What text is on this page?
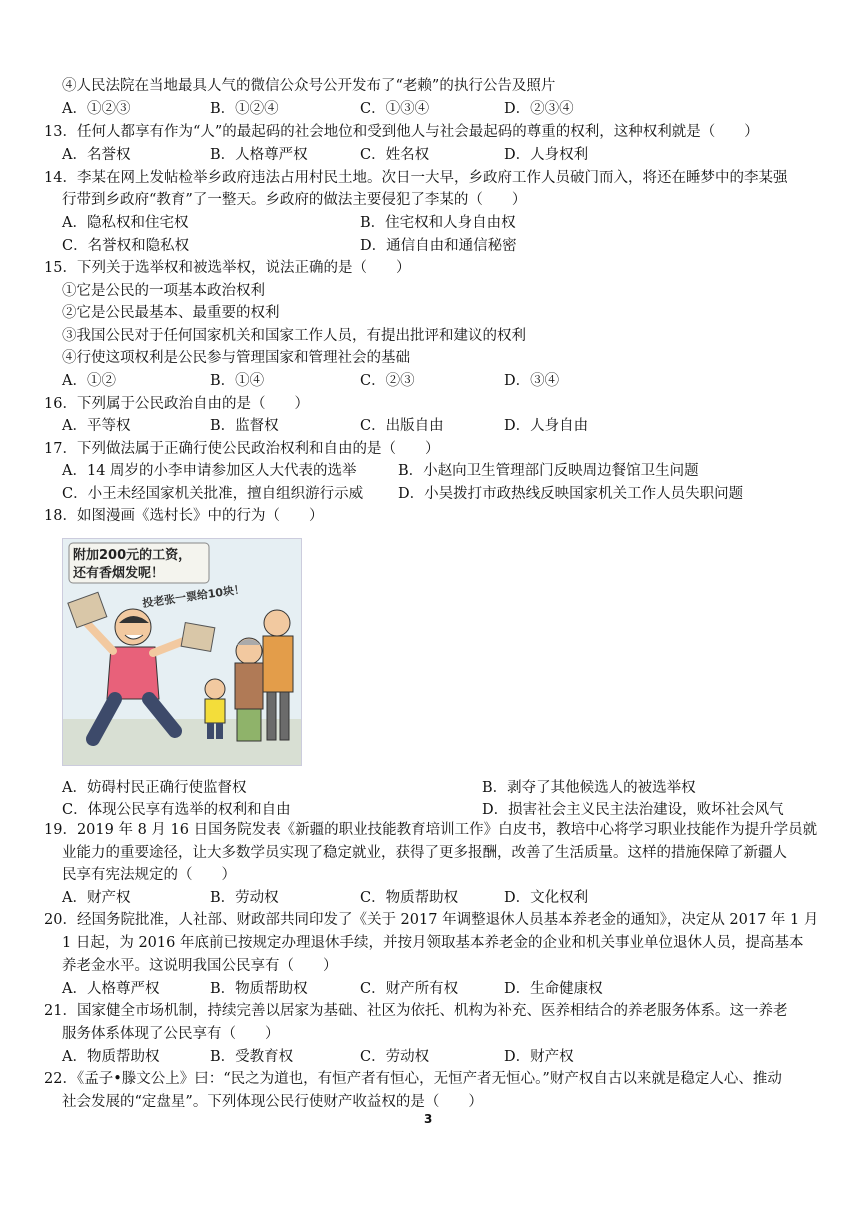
④人民法院在当地最具人气的微信公众号公开发布了“老赖”的执行公告及照片
13．任何人都享有作为“人”的最起码的社会地位和受到他人与社会最起码的尊重的权利，这种权利就是（　　）
14．李某在网上发帖检举乡政府违法占用村民土地。次日一大早，乡政府工作人员破门而入，将还在睡梦中的李某强
行带到乡政府“教育”了一整天。乡政府的做法主要侵犯了李某的（　　）
15．下列关于选举权和被选举权，说法正确的是（　　）
①它是公民的一项基本政治权利
②它是公民最基本、最重要的权利
③我国公民对于任何国家机关和国家工作人员，有提出批评和建议的权利
④行使这项权利是公民参与管理国家和管理社会的基础
16．下列属于公民政治自由的是（　　）
17．下列做法属于正确行使公民政治权利和自由的是（　　）
18．如图漫画《选村长》中的行为（　　）
19．2019 年 8 月 16 日国务院发表《新疆的职业技能教育培训工作》白皮书，教培中心将学习职业技能作为提升学员就
业能力的重要途径，让大多数学员实现了稳定就业，获得了更多报酬，改善了生活质量。这样的措施保障了新疆人
民享有宪法规定的（　　）
20．经国务院批准，人社部、财政部共同印发了《关于 2017 年调整退休人员基本养老金的通知》，决定从 2017 年 1 月
1 日起，为 2016 年底前已按规定办理退休手续，并按月领取基本养老金的企业和机关事业单位退休人员，提高基本
养老金水平。这说明我国公民享有（　　）
21．国家健全市场机制，持续完善以居家为基础、社区为依托、机构为补充、医养相结合的养老服务体系。这一养老
服务体系体现了公民享有（　　）
22．《孟子•滕文公上》曰：“民之为道也，有恒产者有恒心，无恒产者无恒心。”财产权自古以来就是稳定人心、推动
社会发展的“定盘星”。下列体现公民行使财产收益权的是（　　）
A．①②③	B．①②④	C．①③④	D．②③④
A．名誉权	B．人格尊严权	C．姓名权	D．人身权利
A．隐私权和住宅权	B．住宅权和人身自由权
C．名誉权和隐私权	D．通信自由和通信秘密
A．①②	B．①④	C．②③	D．③④
A．平等权	B．监督权	C．出版自由	D．人身自由
A．14 周岁的小李申请参加区人大代表的选举	B．小赵向卫生管理部门反映周边餐馆卫生问题
C．小王未经国家机关批准，擅自组织游行示威 D．小吴拨打市政热线反映国家机关工作人员失职问题
附加200元的工资，
还有香烟发呢！
投老张一票给10块！
A．妨碍村民正确行使监督权	B．剥夺了其他候选人的被选举权
C．体现公民享有选举的权利和自由	D．损害社会主义民主法治建设，败坏社会风气
A．财产权	B．劳动权	C．物质帮助权	D．文化权利
A．人格尊严权	B．物质帮助权	C．财产所有权	D．生命健康权
A．物质帮助权	B．受教育权	C．劳动权	D．财产权
3
